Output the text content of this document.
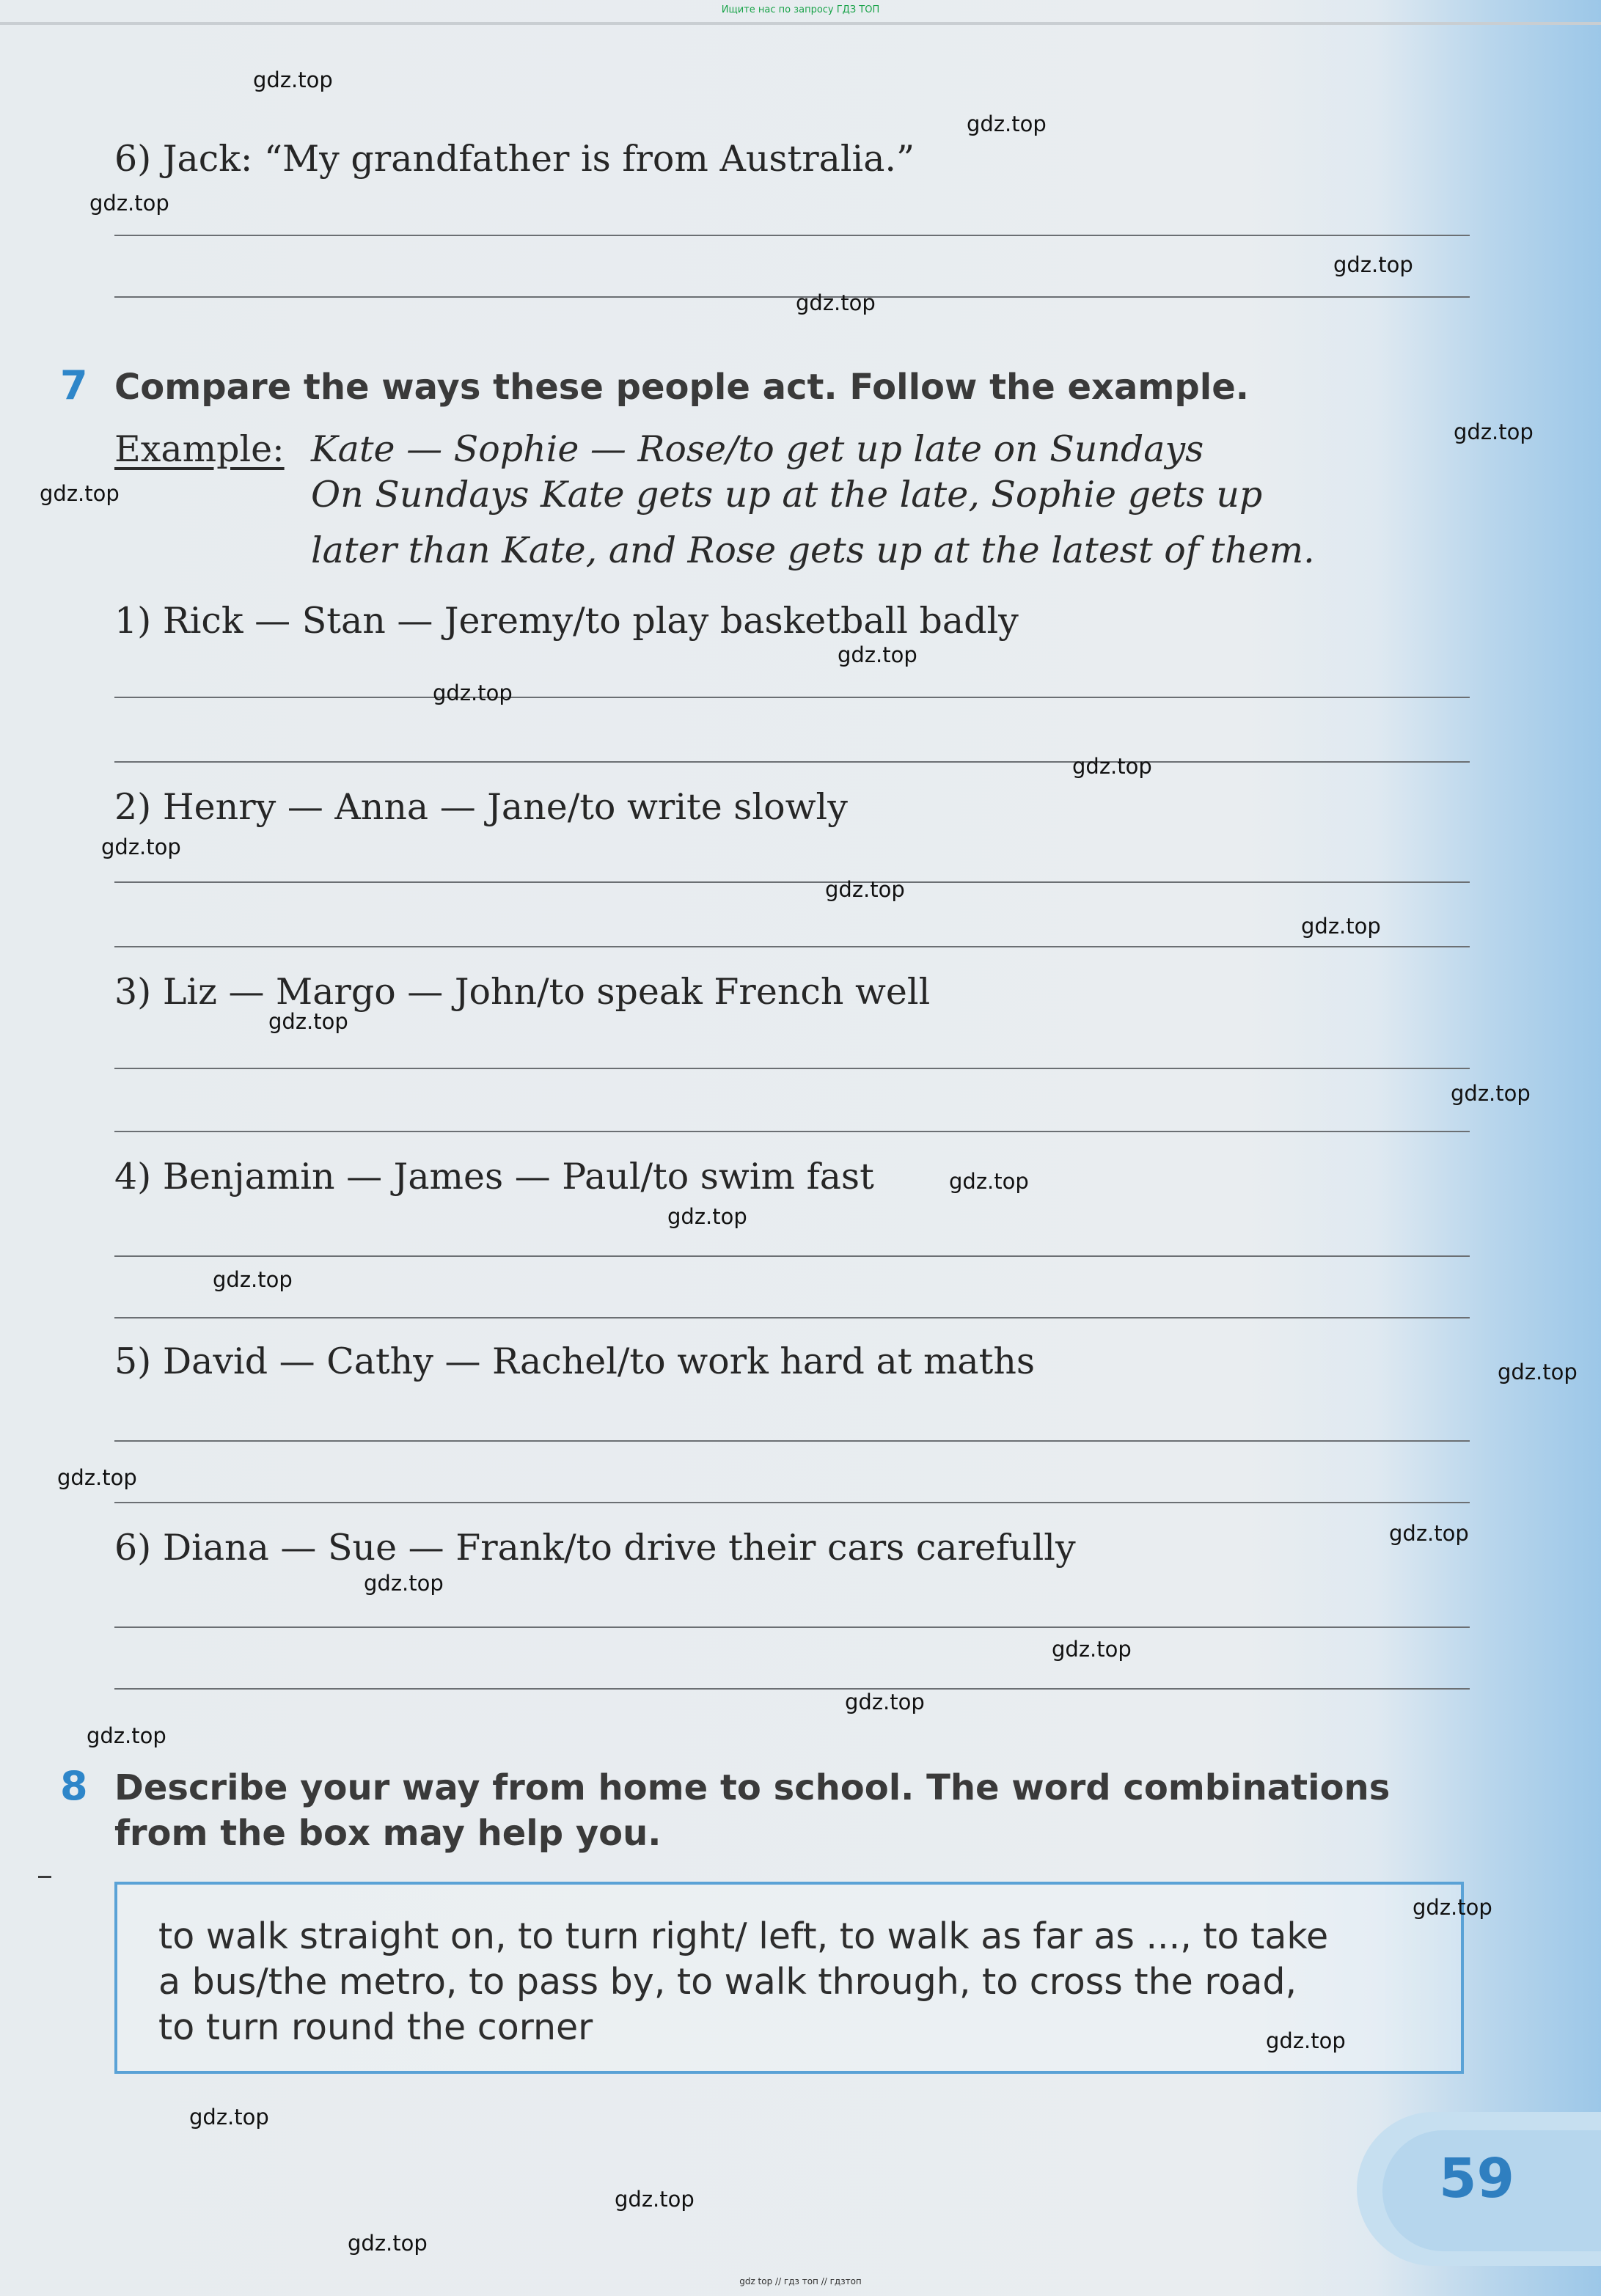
Ищите нас по запросу ГДЗ ТОП
6) Jack: “My grandfather is from Australia.”
7 Compare the ways these people act. Follow the example.
Example: Kate — Sophie — Rose/to get up late on Sundays
On Sundays Kate gets up at the late, Sophie gets up
later than Kate, and Rose gets up at the latest of them.
1) Rick — Stan — Jeremy/to play basketball badly
2) Henry — Anna — Jane/to write slowly
3) Liz — Margo — John/to speak French well
4) Benjamin — James — Paul/to swim fast
5) David — Cathy — Rachel/to work hard at maths
6) Diana — Sue — Frank/to drive their cars carefully
8 Describe your way from home to school. The word combinations
from the box may help you.
to walk straight on, to turn right/ left, to walk as far as ..., to take
a bus/the metro, to pass by, to walk through, to cross the road,
to turn round the corner
59
gdz.top
gdz.top
gdz.top
gdz.top
gdz.top
gdz.top
gdz.top
gdz.top
gdz.top
gdz.top
gdz.top
gdz.top
gdz.top
gdz.top
gdz.top
gdz.top
gdz.top
gdz.top
gdz.top
gdz.top
gdz.top
gdz.top
gdz.top
gdz.top
gdz.top
gdz.top
gdz.top
gdz.top
gdz.top
gdz.top
gdz top // гдз топ // гдзтоп
